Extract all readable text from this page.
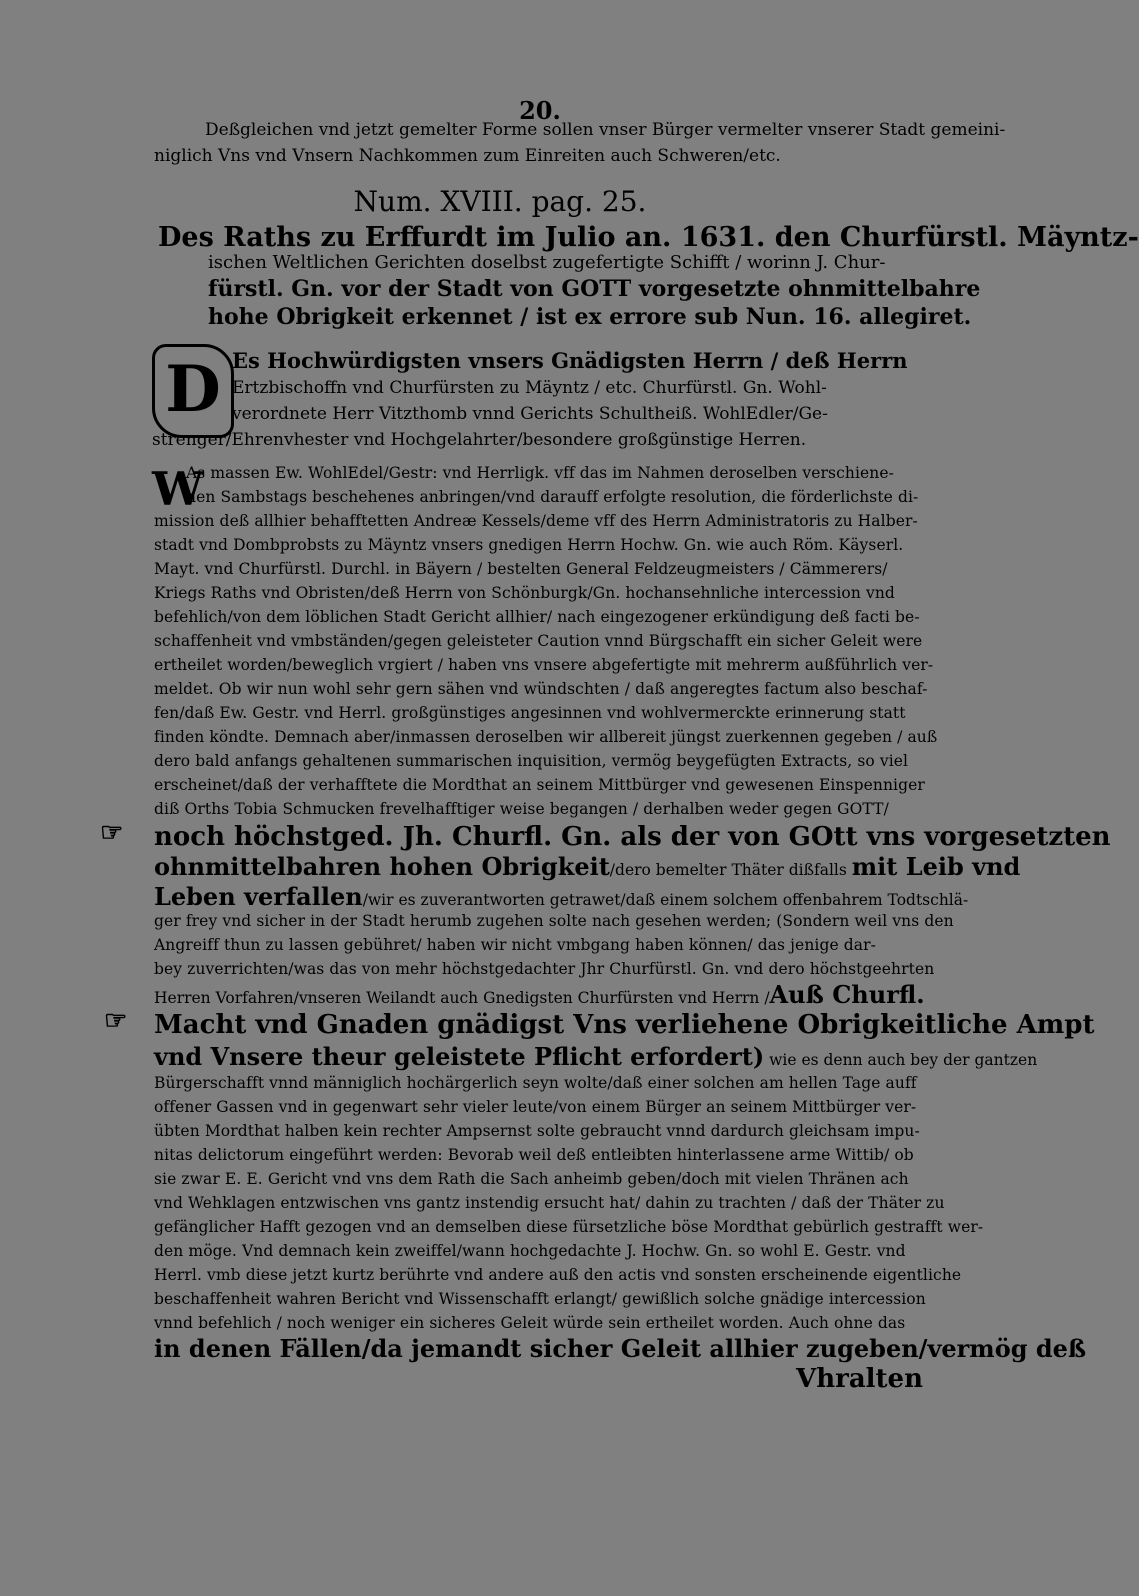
20.
Deßgleichen vnd jetzt gemelter Forme sollen vnser Bürger vermelter vnserer Stadt gemeini-
niglich Vns vnd Vnsern Nachkommen zum Einreiten auch Schweren/etc.
Num. XVIII. pag. 25.
Des Raths zu Erffurdt im Julio an. 1631. den Churfürstl. Mäyntz-
ischen Weltlichen Gerichten doselbst zugefertigte Schifft / worinn J. Chur-
fürstl. Gn. vor der Stadt von GOTT vorgesetzte ohnmittelbahre
hohe Obrigkeit erkennet / ist ex errore sub Nun. 16. allegiret.
D Es Hochwürdigsten vnsers Gnädigsten Herrn / deß Herrn
Ertzbischoffn vnd Churfürsten zu Mäyntz / etc. Churfürstl. Gn. Wohl-
verordnete Herr Vitzthomb vnnd Gerichts Schultheiß. WohlEdler/Ge-
strenger/Ehrenvhester vnd Hochgelahrter/besondere großgünstige Herren.
W
As massen Ew. WohlEdel/Gestr: vnd Herrligk. vff das im Nahmen deroselben verschiene-
nen Sambstags beschehenes anbringen/vnd darauff erfolgte resolution, die förderlichste di-
mission deß allhier behafftetten Andreæ Kessels/deme vff des Herrn Administratoris zu Halber-
stadt vnd Dombprobsts zu Mäyntz vnsers gnedigen Herrn Hochw. Gn. wie auch Röm. Käyserl.
Mayt. vnd Churfürstl. Durchl. in Bäyern / bestelten General Feldzeugmeisters / Cämmerers/
Kriegs Raths vnd Obristen/deß Herrn von Schönburgk/Gn. hochansehnliche intercession vnd
befehlich/von dem löblichen Stadt Gericht allhier/ nach eingezogener erkündigung deß facti be-
schaffenheit vnd vmbständen/gegen geleisteter Caution vnnd Bürgschafft ein sicher Geleit were
ertheilet worden/beweglich vrgiert / haben vns vnsere abgefertigte mit mehrerm außführlich ver-
meldet. Ob wir nun wohl sehr gern sähen vnd wündschten / daß angeregtes factum also beschaf-
fen/daß Ew. Gestr. vnd Herrl. großgünstiges angesinnen vnd wohlvermerckte erinnerung statt
finden köndte. Demnach aber/inmassen deroselben wir allbereit jüngst zuerkennen gegeben / auß
dero bald anfangs gehaltenen summarischen inquisition, vermög beygefügten Extracts, so viel
erscheinet/daß der verhafftete die Mordthat an seinem Mittbürger vnd gewesenen Einspenniger
diß Orths Tobia Schmucken frevelhafftiger weise begangen / derhalben weder gegen GOTT/
☞ noch höchstged. Jh. Churfl. Gn. als der von GOtt vns vorgesetzten
ohnmittelbahren hohen Obrigkeit/dero bemelter Thäter dißfalls mit Leib vnd
Leben verfallen/wir es zuverantworten getrawet/daß einem solchem offenbahrem Todtschlä-
ger frey vnd sicher in der Stadt herumb zugehen solte nach gesehen werden; (Sondern weil vns den
Angreiff thun zu lassen gebühret/ haben wir nicht vmbgang haben können/ das jenige dar-
bey zuverrichten/was das von mehr höchstgedachter Jhr Churfürstl. Gn. vnd dero höchstgeehrten
Herren Vorfahren/vnseren Weilandt auch Gnedigsten Churfürsten vnd Herrn /Auß Churfl.
☞ Macht vnd Gnaden gnädigst Vns verliehene Obrigkeitliche Ampt
vnd Vnsere theur geleistete Pflicht erfordert) wie es denn auch bey der gantzen
Bürgerschafft vnnd männiglich hochärgerlich seyn wolte/daß einer solchen am hellen Tage auff
offener Gassen vnd in gegenwart sehr vieler leute/von einem Bürger an seinem Mittbürger ver-
übten Mordthat halben kein rechter Ampsernst solte gebraucht vnnd dardurch gleichsam impu-
nitas delictorum eingeführt werden: Bevorab weil deß entleibten hinterlassene arme Wittib/ ob
sie zwar E. E. Gericht vnd vns dem Rath die Sach anheimb geben/doch mit vielen Thränen ach
vnd Wehklagen entzwischen vns gantz instendig ersucht hat/ dahin zu trachten / daß der Thäter zu
gefänglicher Hafft gezogen vnd an demselben diese fürsetzliche böse Mordthat gebürlich gestrafft wer-
den möge. Vnd demnach kein zweiffel/wann hochgedachte J. Hochw. Gn. so wohl E. Gestr. vnd
Herrl. vmb diese jetzt kurtz berührte vnd andere auß den actis vnd sonsten erscheinende eigentliche
beschaffenheit wahren Bericht vnd Wissenschafft erlangt/ gewißlich solche gnädige intercession
vnnd befehlich / noch weniger ein sicheres Geleit würde sein ertheilet worden. Auch ohne das
in denen Fällen/da jemandt sicher Geleit allhier zugeben/vermög deß
Vhralten
